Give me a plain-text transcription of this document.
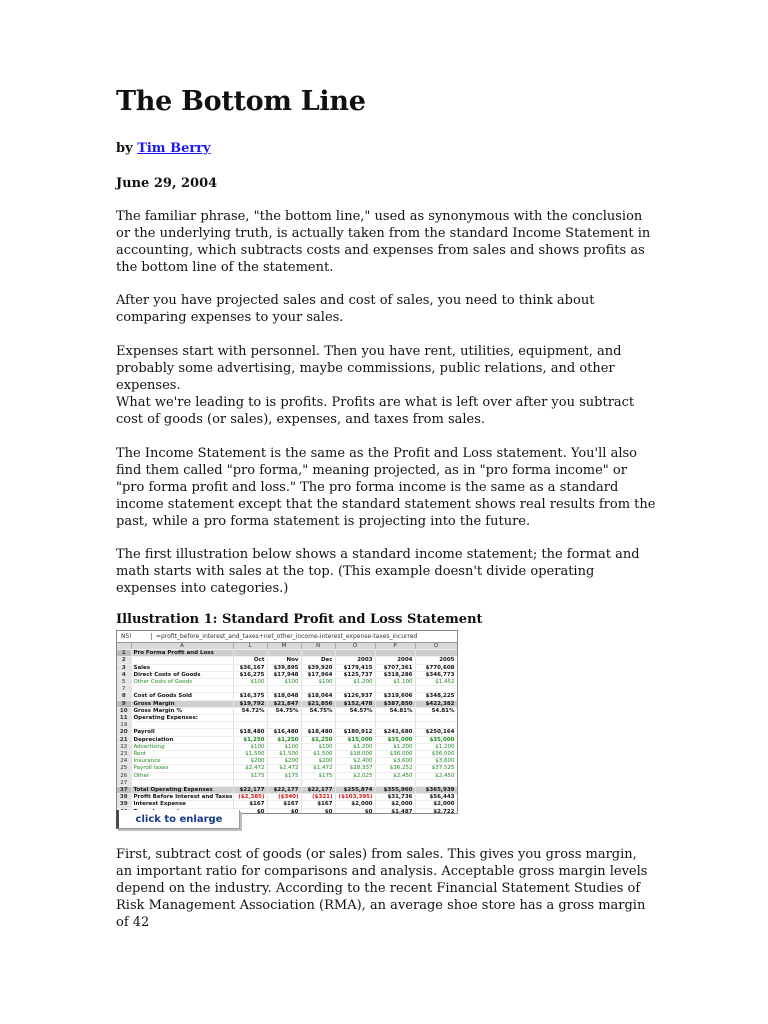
The Bottom Line

by Tim Berry

June 29, 2004

The familiar phrase, "the bottom line," used as synonymous with the conclusion or the underlying truth, is actually taken from the standard Income Statement in accounting, which subtracts costs and expenses from sales and shows profits as the bottom line of the statement.

After you have projected sales and cost of sales, you need to think about comparing expenses to your sales.

Expenses start with personnel. Then you have rent, utilities, equipment, and probably some advertising, maybe commissions, public relations, and other expenses.

What we're leading to is profits. Profits are what is left over after you subtract cost of goods (or sales), expenses, and taxes from sales.

The Income Statement is the same as the Profit and Loss statement. You'll also find them called "pro forma," meaning projected, as in "pro forma income" or "pro forma profit and loss." The pro forma income is the same as a standard income statement except that the standard statement shows real results from the past, while a pro forma statement is projecting into the future.

The first illustration below shows a standard income statement; the format and math starts with sales at the top. (This example doesn't divide operating expenses into categories.)

Illustration 1: Standard Profit and Loss Statement

N5!	=profit_before_interest_and_taxes+net_other_income-interest_expense-taxes_incurred
	A	L	M	N	O	P	Q
1	Pro Forma Profit and Loss						
2		Oct	Nov	Dec	2003	2004	2005
3	Sales	$36,167	$39,895	$39,920	$179,415	$707,361	$770,608
4	Direct Costs of Goods	$16,275	$17,948	$17,964	$125,737	$318,286	$346,773
5	Other Costs of Goods	$100	$100	$100	$1,200	$1,100	$1,452
7							
8	Cost of Goods Sold	$16,375	$18,048	$18,064	$126,937	$319,606	$348,225
9	Gross Margin	$19,792	$21,847	$21,856	$152,478	$387,850	$422,382
10	Gross Margin %	54.72%	54.75%	54.75%	54.57%	54.81%	54.81%
11	Operating Expenses:						
19							
20	Payroll	$18,480	$16,480	$18,480	$180,912	$241,680	$250,164
21	Depreciation	$1,250	$1,250	$1,250	$15,000	$35,000	$35,000
22	Advertising	$100	$100	$100	$1,200	$1,200	$1,200
23	Rent	$1,500	$1,500	$1,500	$18,000	$36,000	$36,000
24	Insurance	$200	$200	$200	$2,400	$3,600	$3,600
25	Payroll taxes	$2,472	$2,472	$1,472	$28,337	$36,252	$37,525
26	Other	$175	$175	$175	$2,025	$2,450	$2,450
27							
37	Total Operating Expenses	$22,177	$22,177	$22,177	$255,874	$355,960	$365,939
38	Profit Before Interest and Taxes	($2,385)	($340)	($321)	($103,395)	$31,736	$56,443
39	Interest Expense	$167	$167	$167	$2,000	$2,000	$2,000
		$0	$0	$0	$0	$1,487	$2,722

click to enlarge

First, subtract cost of goods (or sales) from sales. This gives you gross margin, an important ratio for comparisons and analysis. Acceptable gross margin levels depend on the industry. According to the recent Financial Statement Studies of Risk Management Association (RMA), an average shoe store has a gross margin of 42
